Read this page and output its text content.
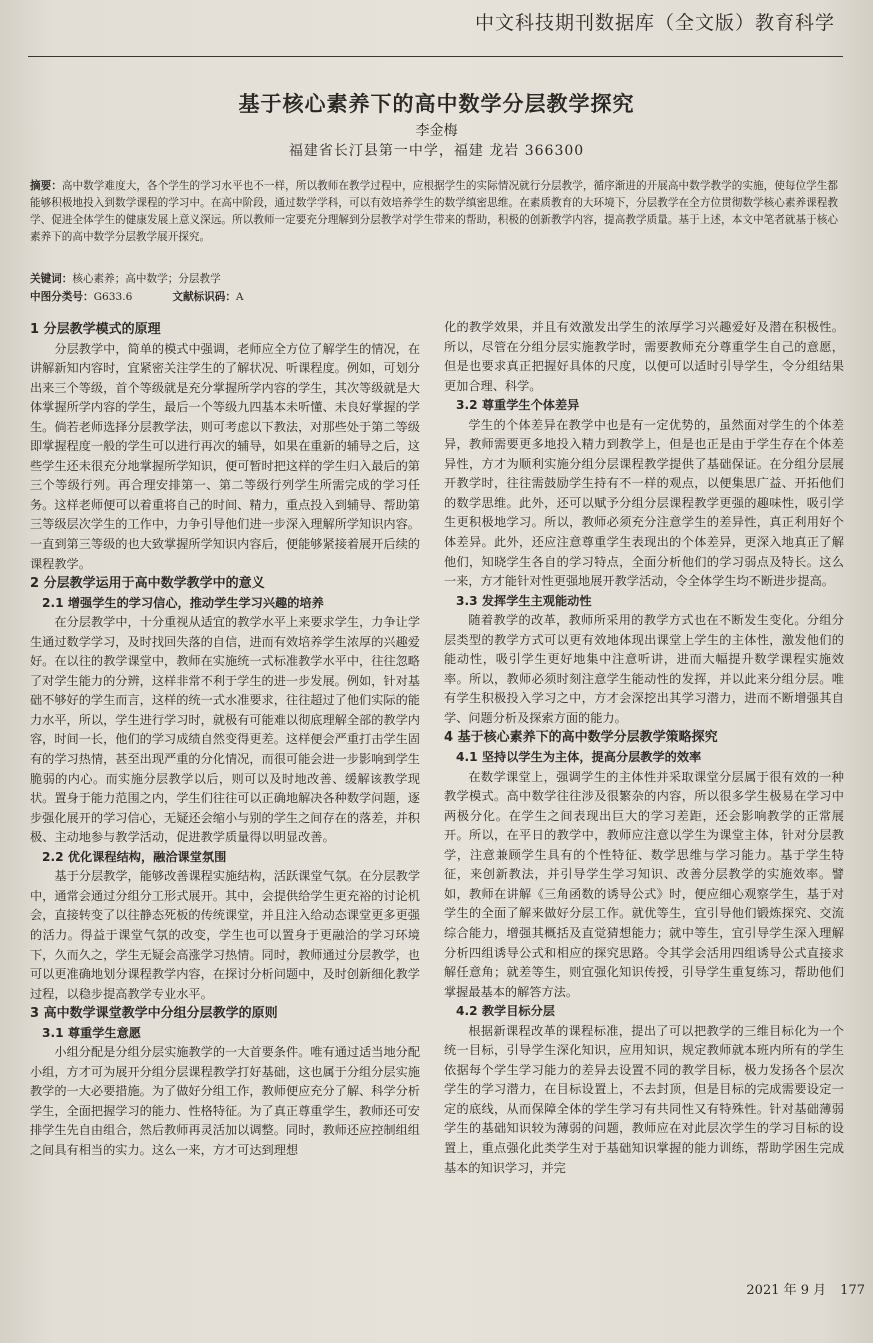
中文科技期刊数据库（全文版）教育科学
基于核心素养下的高中数学分层教学探究
李金梅
福建省长汀县第一中学，福建 龙岩 366300
摘要：高中数学难度大，各个学生的学习水平也不一样，所以教师在教学过程中，应根据学生的实际情况就行分层教学，循序渐进的开展高中数学教学的实施，使每位学生都能够积极地投入到数学课程的学习中。在高中阶段，通过数学学科，可以有效培养学生的数学缜密思维。在素质教育的大环境下，分层教学在全方位贯彻数学核心素养课程教学、促进全体学生的健康发展上意义深远。所以教师一定要充分理解到分层教学对学生带来的帮助，积极的创新教学内容，提高教学质量。基于上述，本文中笔者就基于核心素养下的高中数学分层教学展开探究。
关键词：核心素养；高中数学；分层教学
中图分类号：G633.6	文献标识码：A
1 分层教学模式的原理

分层教学中，简单的模式中强调，老师应全方位了解学生的情况，在讲解新知内容时，宜紧密关注学生的了解状况、听课程度。例如，可划分出来三个等级，首个等级就是充分掌握所学内容的学生，其次等级就是大体掌握所学内容的学生，最后一个等级九四基本未听懂、未良好掌握的学生。倘若老师选择分层教学法，则可考虑以下教法，对那些处于第二等级即掌握程度一般的学生可以进行再次的辅导，如果在重新的辅导之后，这些学生还未很充分地掌握所学知识，便可暂时把这样的学生归入最后的第三个等级行列。再合理安排第一、第二等级行列学生所需完成的学习任务。这样老师便可以着重将自己的时间、精力，重点投入到辅导、帮助第三等级层次学生的工作中，力争引导他们进一步深入理解所学知识内容。一直到第三等级的也大致掌握所学知识内容后，便能够紧接着展开后续的课程教学。

2 分层教学运用于高中数学教学中的意义
2.1 增强学生的学习信心，推动学生学习兴趣的培养

在分层教学中，十分重视从适宜的教学水平上来要求学生，力争让学生通过数学学习，及时找回失落的自信，进而有效培养学生浓厚的兴趣爱好。在以往的教学课堂中，教师在实施统一式标准教学水平中，往往忽略了对学生能力的分辨，这样非常不利于学生的进一步发展。例如，针对基础不够好的学生而言，这样的统一式水准要求，往往超过了他们实际的能力水平，所以，学生进行学习时，就极有可能难以彻底理解全部的教学内容，时间一长，他们的学习成绩自然变得更差。这样便会严重打击学生固有的学习热情，甚至出现严重的分化情况，而很可能会进一步影响到学生脆弱的内心。而实施分层教学以后，则可以及时地改善、缓解该教学现状。置身于能力范围之内，学生们往往可以正确地解决各种数学问题，逐步强化展开的学习信心，无疑还会缩小与别的学生之间存在的落差，并积极、主动地参与教学活动，促进教学质量得以明显改善。

2.2 优化课程结构，融洽课堂氛围

基于分层教学，能够改善课程实施结构，活跃课堂气氛。在分层教学中，通常会通过分组分工形式展开。其中，会提供给学生更充裕的讨论机会，直接转变了以往静态死板的传统课堂，并且注入给动态课堂更多更强的活力。得益于课堂气氛的改变，学生也可以置身于更融洽的学习环境下，久而久之，学生无疑会高涨学习热情。同时，教师通过分层教学，也可以更准确地划分课程教学内容，在探讨分析问题中，及时创新细化教学过程，以稳步提高教学专业水平。

3 高中数学课堂教学中分组分层教学的原则
3.1 尊重学生意愿

小组分配是分组分层实施教学的一大首要条件。唯有通过适当地分配小组，方才可为展开分组分层课程教学打好基础，这也属于分组分层实施教学的一大必要措施。为了做好分组工作，教师便应充分了解、科学分析学生，全面把握学习的能力、性格特征。为了真正尊重学生，教师还可安排学生先自由组合，然后教师再灵活加以调整。同时，教师还应控制组组之间具有相当的实力。这么一来，方才可达到理想

化的教学效果，并且有效激发出学生的浓厚学习兴趣爱好及潜在积极性。所以，尽管在分组分层实施教学时，需要教师充分尊重学生自己的意愿，但是也要求真正把握好具体的尺度，以便可以适时引导学生，令分组结果更加合理、科学。

3.2 尊重学生个体差异

学生的个体差异在教学中也是有一定优势的，虽然面对学生的个体差异，教师需要更多地投入精力到教学上，但是也正是由于学生存在个体差异性，方才为顺利实施分组分层课程教学提供了基础保证。在分组分层展开教学时，往往需鼓励学生持有不一样的观点，以便集思广益、开拓他们的数学思维。此外，还可以赋予分组分层课程教学更强的趣味性，吸引学生更积极地学习。所以，教师必须充分注意学生的差异性，真正利用好个体差异。此外，还应注意尊重学生表现出的个体差异，更深入地真正了解他们，知晓学生各自的学习特点，全面分析他们的学习弱点及特长。这么一来，方才能针对性更强地展开教学活动，令全体学生均不断进步提高。

3.3 发挥学生主观能动性

随着教学的改革，教师所采用的教学方式也在不断发生变化。分组分层类型的教学方式可以更有效地体现出课堂上学生的主体性，激发他们的能动性，吸引学生更好地集中注意听讲，进而大幅提升数学课程实施效率。所以，教师必须时刻注意学生能动性的发挥，并以此来分组分层。唯有学生积极投入学习之中，方才会深挖出其学习潜力，进而不断增强其自学、问题分析及探索方面的能力。

4 基于核心素养下的高中数学分层教学策略探究
4.1 坚持以学生为主体，提高分层教学的效率

在数学课堂上，强调学生的主体性并采取课堂分层属于很有效的一种教学模式。高中数学往往涉及很繁杂的内容，所以很多学生极易在学习中两极分化。在学生之间表现出巨大的学习差距，还会影响教学的正常展开。所以，在平日的教学中，教师应注意以学生为课堂主体，针对分层教学，注意兼顾学生具有的个性特征、数学思维与学习能力。基于学生特征，来创新教法，并引导学生学习知识、改善分层教学的实施效率。譬如，教师在讲解《三角函数的诱导公式》时，便应细心观察学生，基于对学生的全面了解来做好分层工作。就优等生，宜引导他们锻炼探究、交流综合能力，增强其概括及直觉猜想能力；就中等生，宜引导学生深入理解分析四组诱导公式和相应的探究思路。令其学会活用四组诱导公式直接求解任意角；就差等生，则宜强化知识传授，引导学生重复练习，帮助他们掌握最基本的解答方法。

4.2 教学目标分层

根据新课程改革的课程标准，提出了可以把教学的三维目标化为一个统一目标，引导学生深化知识，应用知识，规定教师就本班内所有的学生依据每个学生学习能力的差异去设置不同的教学目标，极力发扬各个层次学生的学习潜力，在目标设置上，不去封顶，但是目标的完成需要设定一定的底线，从而保障全体的学生学习有共同性又有特殊性。针对基础薄弱学生的基础知识较为薄弱的问题，教师应在对此层次学生的学习目标的设置上，重点强化此类学生对于基础知识掌握的能力训练，帮助学困生完成基本的知识学习，并完

2021 年 9 月 177
